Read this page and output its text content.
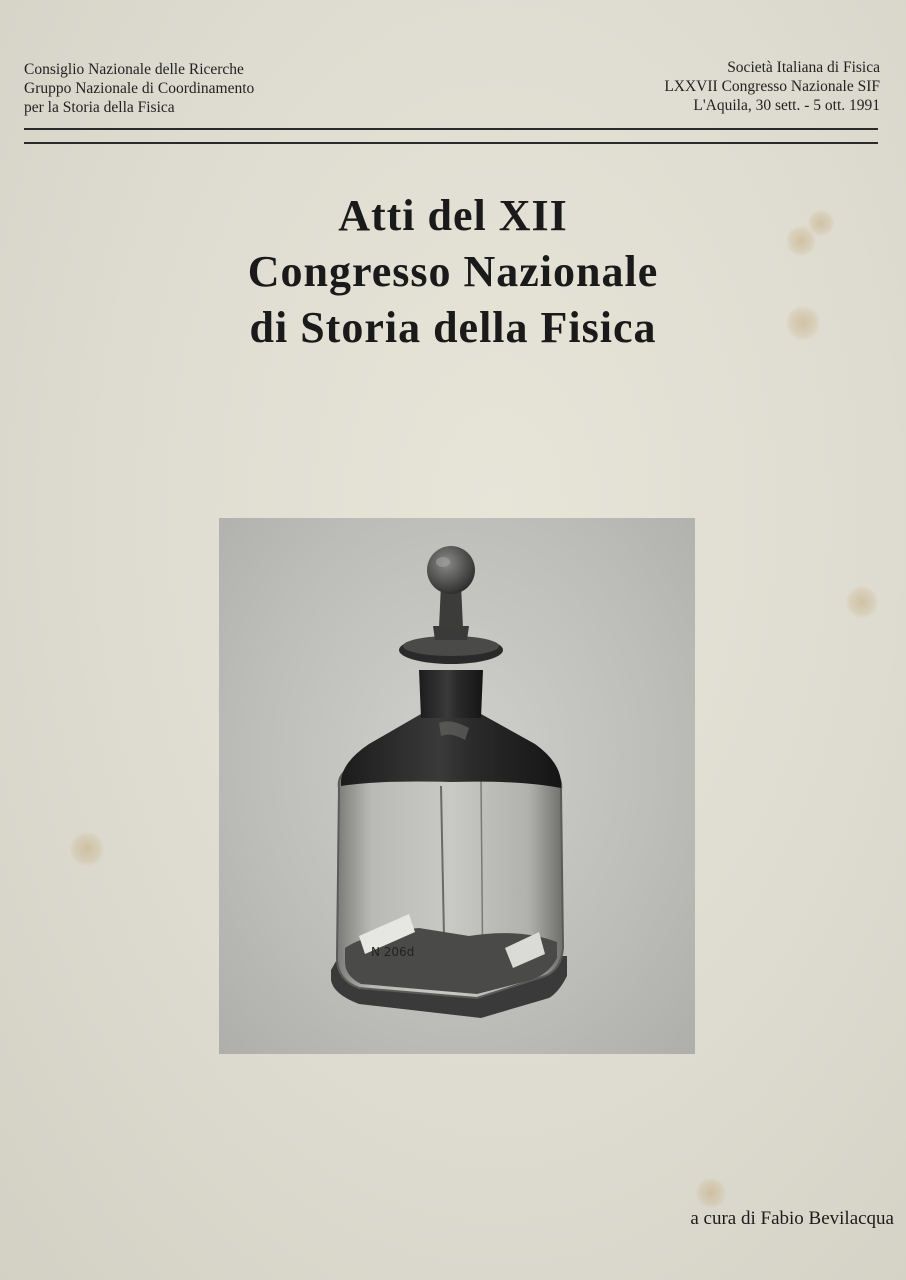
Consiglio Nazionale delle Ricerche
Gruppo Nazionale di Coordinamento
per la Storia della Fisica
Società Italiana di Fisica
LXXVII Congresso Nazionale SIF
L'Aquila, 30 sett. - 5 ott. 1991
Atti del XII
Congresso Nazionale
di Storia della Fisica
N 206d
a cura di Fabio Bevilacqua
